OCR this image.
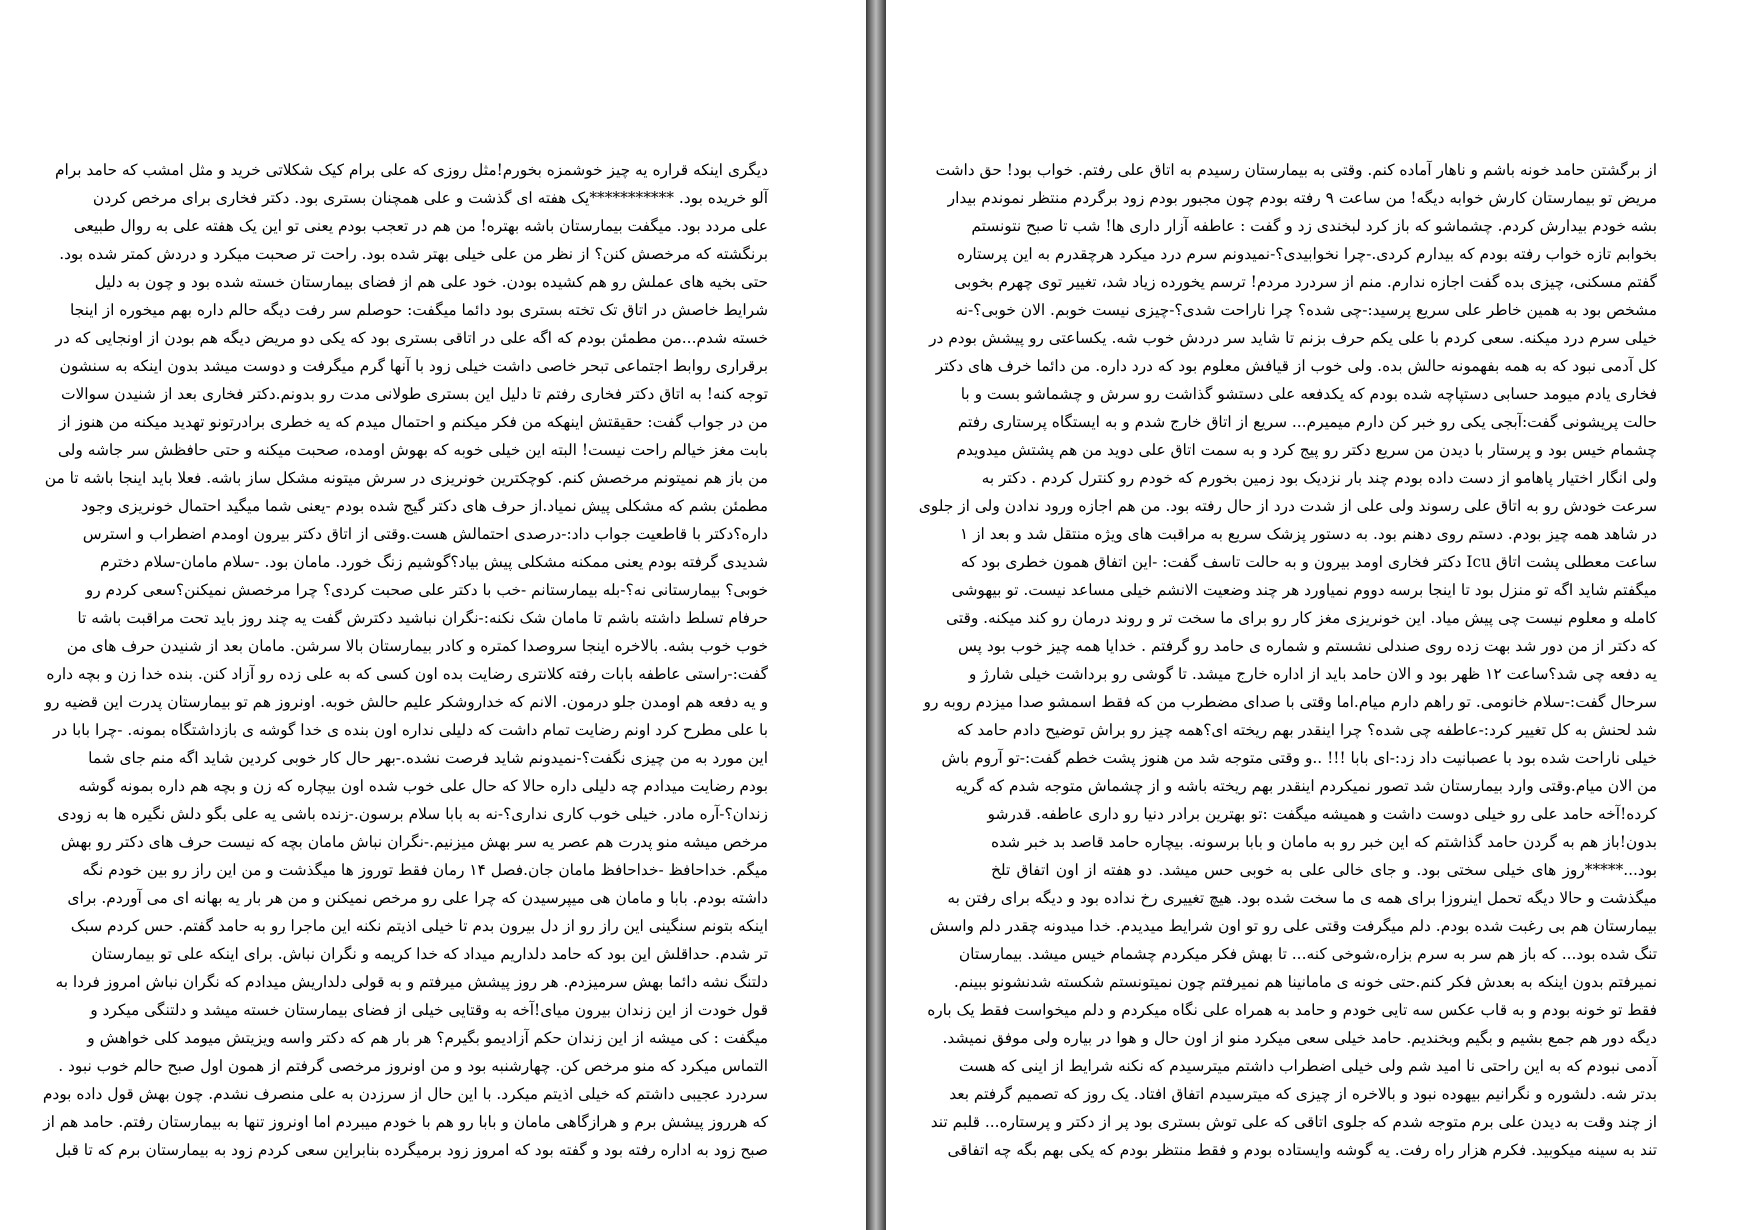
دیگری اینکه قراره یه چیز خوشمزه بخورم!مثل روزی که علی برام کیک شکلاتی خرید و مثل امشب که حامد برام
آلو خریده بود. ***********یک هفته ای گذشت و علی همچنان بستری بود. دکتر فخاری برای مرخص کردن
علی مردد بود. میگفت بیمارستان باشه بهتره! من هم در تعجب بودم یعنی تو این یک هفته علی به روال طبیعی
برنگشته که مرخصش کنن؟ از نظر من علی خیلی بهتر شده بود. راحت تر صحبت میکرد و دردش کمتر شده بود.
حتی بخیه های عملش رو هم کشیده بودن. خود علی هم از فضای بیمارستان خسته شده بود و چون به دلیل
شرایط خاصش در اتاق تک تخته بستری بود دائما میگفت: حوصلم سر رفت دیگه حالم داره بهم میخوره از اینجا
خسته شدم...من مطمئن بودم که اگه علی در اتاقی بستری بود که یکی دو مریض دیگه هم بودن از اونجایی که در
برقراری روابط اجتماعی تبحر خاصی داشت خیلی زود با آنها گرم میگرفت و دوست میشد بدون اینکه به سنشون
توجه کنه! به اتاق دکتر فخاری رفتم تا دلیل این بستری طولانی مدت رو بدونم.دکتر فخاری بعد از شنیدن سوالات
من در جواب گفت: حقیقتش اینهکه من فکر میکنم و احتمال میدم که یه خطری برادرتونو تهدید میکنه من هنوز از
بابت مغز خیالم راحت نیست! البته این خیلی خوبه که بهوش اومده، صحبت میکنه و حتی حافظش سر جاشه ولی
من باز هم نمیتونم مرخصش کنم. کوچکترین خونریزی در سرش میتونه مشکل ساز باشه. فعلا باید اینجا باشه تا من
مطمئن بشم که مشکلی پیش نمیاد.از حرف های دکتر گیج شده بودم -یعنی شما میگید احتمال خونریزی وجود
داره؟دکتر با قاطعیت جواب داد:-درصدی احتمالش هست.وقتی از اتاق دکتر بیرون اومدم اضطراب و استرس
شدیدی گرفته بودم یعنی ممکنه مشکلی پیش بیاد؟گوشیم زنگ خورد. مامان بود. -سلام مامان-سلام دخترم
خوبی؟ بیمارستانی نه؟-بله بیمارستانم -خب با دکتر علی صحبت کردی؟ چرا مرخصش نمیکنن؟سعی کردم رو
حرفام تسلط داشته باشم تا مامان شک نکنه:-نگران نباشید دکترش گفت یه چند روز باید تحت مراقبت باشه تا
خوب خوب بشه. بالاخره اینجا سروصدا کمتره و کادر بیمارستان بالا سرشن. مامان بعد از شنیدن حرف های من
گفت:-راستی عاطفه بابات رفته کلانتری رضایت بده اون کسی که به علی زده رو آزاد کنن. بنده خدا زن و بچه داره
و یه دفعه هم اومدن جلو درمون. الانم که خداروشکر علیم حالش خوبه. اونروز هم تو بیمارستان پدرت این قضیه رو
با علی مطرح کرد اونم رضایت تمام داشت که دلیلی نداره اون بنده ی خدا گوشه ی بازداشتگاه بمونه. -چرا بابا در
این مورد به من چیزی نگفت؟-نمیدونم شاید فرصت نشده.-بهر حال کار خوبی کردین شاید اگه منم جای شما
بودم رضایت میدادم چه دلیلی داره حالا که حال علی خوب شده اون بیچاره که زن و بچه هم داره بمونه گوشه
زندان؟-آره مادر. خیلی خوب کاری نداری؟-نه به بابا سلام برسون.-زنده باشی یه علی بگو دلش نگیره ها به زودی
مرخص میشه منو پدرت هم عصر یه سر بهش میزنیم.-نگران نباش مامان بچه که نیست حرف های دکتر رو بهش
میگم. خداحافظ -خداحافظ مامان جان.فصل ۱۴ رمان فقط تو‌روز ها میگذشت و من این راز رو بین خودم نگه
داشته بودم. بابا و مامان هی میپرسیدن که چرا علی رو مرخص نمیکنن و من هر بار یه بهانه ای می آوردم. برای
اینکه بتونم سنگینی این راز رو از دل بیرون بدم تا خیلی اذیتم نکنه این ماجرا رو به حامد گفتم. حس کردم سبک
تر شدم. حداقلش این بود که حامد دلداریم میداد که خدا کریمه و نگران نباش. برای اینکه علی تو بیمارستان
دلتنگ نشه دائما بهش سرمیزدم. هر روز پیشش میرفتم و به قولی دلداریش میدادم که نگران نباش امروز فردا به
قول خودت از این زندان بیرون میای!آخه به وقتایی خیلی از فضای بیمارستان خسته میشد و دلتنگی میکرد و
میگفت : کی میشه از این زندان حکم آزادیمو بگیرم؟ هر بار هم که دکتر واسه ویزیتش میومد کلی خواهش و
التماس میکرد که منو مرخص کن. چهارشنبه بود و من اونروز مرخصی گرفتم از همون اول صبح حالم خوب نبود .
سردرد عجیبی داشتم که خیلی اذیتم میکرد. با این حال از سرزدن به علی منصرف نشدم. چون بهش قول داده بودم
که هرروز پیشش برم و هرازگاهی مامان و بابا رو هم با خودم میبردم اما اونروز تنها به بیمارستان رفتم. حامد هم از
صبح زود به اداره رفته بود و گفته بود که امروز زود برمیگرده بنابراین سعی کردم زود به بیمارستان برم که تا قبل
از برگشتن حامد خونه باشم و ناهار آماده کنم. وقتی به بیمارستان رسیدم به اتاق علی رفتم. خواب بود! حق داشت
مریض تو بیمارستان کارش خوابه دیگه! من ساعت ۹ رفته بودم چون مجبور بودم زود برگردم منتظر نموندم بیدار
بشه خودم بیدارش کردم. چشماشو که باز کرد لبخندی زد و گفت : عاطفه آزار داری ها! شب تا صبح نتونستم
بخوابم تازه خواب رفته بودم که بیدارم کردی.-چرا نخوابیدی؟-نمیدونم سرم درد میکرد هرچقدرم به این پرستاره
گفتم مسکنی، چیزی بده گفت اجازه ندارم. منم از سردرد مردم! ترسم یخورده زیاد شد، تغییر توی چهرم بخوبی
مشخص بود به همین خاطر علی سریع پرسید:-چی شده؟ چرا ناراحت شدی؟-چیزی نیست خوبم. الان خوبی؟-نه
خیلی سرم درد میکنه. سعی کردم با علی یکم حرف بزنم تا شاید سر دردش خوب شه. یکساعتی رو پیشش بودم در
کل آدمی نبود که به همه بفهمونه حالش بده. ولی خوب از قیافش معلوم بود که درد داره. من دائما خرف های دکتر
فخاری یادم میومد حسابی دستپاچه شده بودم که یکدفعه علی دستشو گذاشت رو سرش و چشماشو بست و با
حالت پریشونی گفت:آبجی یکی رو خبر کن دارم میمیرم... سریع از اتاق خارج شدم و به ایستگاه پرستاری رفتم
چشمام خیس بود و پرستار با دیدن من سریع دکتر رو پیج کرد و به سمت اتاق علی دوید من هم پشتش میدویدم
ولی انگار اختیار پاهامو از دست داده بودم چند بار نزدیک بود زمین بخورم که خودم رو کنترل کردم . دکتر به
سرعت خودش رو به اتاق علی رسوند ولی علی از شدت درد از حال رفته بود. من هم اجازه ورود ندادن ولی از جلوی
در شاهد همه چیز بودم. دستم روی دهنم بود. به دستور پزشک سریع به مراقبت های ویژه منتقل شد و بعد از ۱
ساعت معطلی پشت اتاق Icu دکتر فخاری اومد بیرون و به حالت تاسف گفت: -این اتفاق همون خطری بود که
میگفتم شاید اگه تو منزل بود تا اینجا برسه دووم نمیاورد هر چند وضعیت الانشم خیلی مساعد نیست. تو بیهوشی
کامله و معلوم نیست چی پیش میاد. این خونریزی مغز کار رو برای ما سخت تر و روند درمان رو کند میکنه. وقتی
که دکتر از من دور شد بهت زده روی صندلی نشستم و شماره ی حامد رو گرفتم . خدایا همه چیز خوب بود پس
یه دفعه چی شد؟ساعت ۱۲ ظهر بود و الان حامد باید از اداره خارج میشد. تا گوشی رو برداشت خیلی شارژ و
سرحال گفت:-سلام خانومی. تو راهم دارم میام.اما وقتی با صدای مضطرب من که فقط اسمشو صدا میزدم روبه رو
شد لحنش به کل تغییر کرد:-عاطفه چی شده؟ چرا اینقدر بهم ریخته ای؟همه چیز رو براش توضیح دادم حامد که
خیلی ناراحت شده بود با عصبانیت داد زد:-ای بابا !!! ..و وقتی متوجه شد من هنوز پشت خطم گفت:-تو آروم باش
من الان میام.وقتی وارد بیمارستان شد تصور نمیکردم اینقدر بهم ریخته باشه و از چشماش متوجه شدم که گریه
کرده!آخه حامد علی رو خیلی دوست داشت و همیشه میگفت :تو بهترین برادر دنیا رو داری عاطفه. قدرشو
بدون!باز هم به گردن حامد گذاشتم که این خبر رو به مامان و بابا برسونه. بیچاره حامد قاصد بد خبر شده
بود...*****روز های خیلی سختی بود. و جای خالی علی به خوبی حس میشد. دو هفته از اون اتفاق تلخ
میگذشت و حالا دیگه تحمل اینروزا برای همه ی ما سخت شده بود. هیچ تغییری رخ نداده بود و دیگه برای رفتن به
بیمارستان هم بی رغبت شده بودم. دلم میگرفت وقتی علی رو تو اون شرایط میدیدم. خدا میدونه چقدر دلم واسش
تنگ شده بود... که باز هم سر به سرم بزاره،شوخی کنه... تا بهش فکر میکردم چشمام خیس میشد. بیمارستان
نمیرفتم بدون اینکه به بعدش فکر کنم.حتی خونه ی مامانینا هم نمیرفتم چون نمیتونستم شکسته شدنشونو ببینم.
فقط تو خونه بودم و به قاب عکس سه تایی خودم و حامد به همراه علی نگاه میکردم و دلم میخواست فقط یک باره
دیگه دور هم جمع بشیم و بگیم وبخندیم. حامد خیلی سعی میکرد منو از اون حال و هوا در بیاره ولی موفق نمیشد.
آدمی نبودم که به این راحتی نا امید شم ولی خیلی اضطراب داشتم میترسیدم که نکنه شرایط از اینی که هست
بدتر شه. دلشوره و نگرانیم بیهوده نبود و بالاخره از چیزی که میترسیدم اتفاق افتاد. یک روز که تصمیم گرفتم بعد
از چند وقت به دیدن علی برم متوجه شدم که جلوی اتاقی که علی توش بستری بود پر از دکتر و پرستاره... قلبم تند
تند به سینه میکوبید. فکرم هزار راه رفت. یه گوشه وایستاده بودم و فقط منتظر بودم که یکی بهم بگه چه اتفاقی
